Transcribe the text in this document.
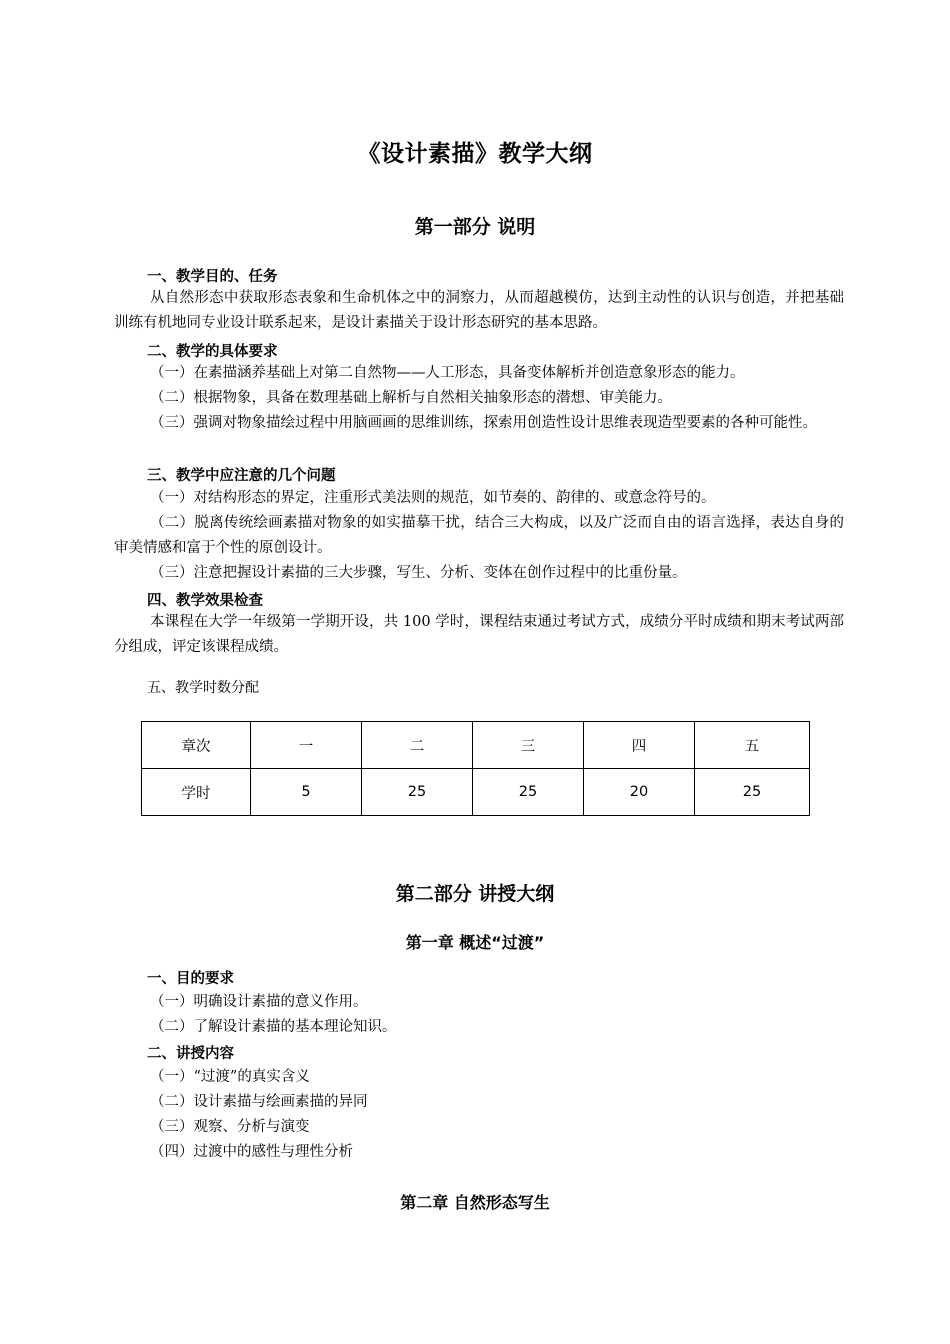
《设计素描》教学大纲
第一部分 说明
一、教学目的、任务
从自然形态中获取形态表象和生命机体之中的洞察力，从而超越模仿，达到主动性的认识与创造，并把基础训练有机地同专业设计联系起来，是设计素描关于设计形态研究的基本思路。
二、教学的具体要求
（一）在素描涵养基础上对第二自然物——人工形态，具备变体解析并创造意象形态的能力。
（二）根据物象，具备在数理基础上解析与自然相关抽象形态的潜想、审美能力。
（三）强调对物象描绘过程中用脑画画的思维训练，探索用创造性设计思维表现造型要素的各种可能性。
三、教学中应注意的几个问题
（一）对结构形态的界定，注重形式美法则的规范，如节奏的、韵律的、或意念符号的。
（二）脱离传统绘画素描对物象的如实描摹干扰，结合三大构成，以及广泛而自由的语言选择，表达自身的审美情感和富于个性的原创设计。
（三）注意把握设计素描的三大步骤，写生、分析、变体在创作过程中的比重份量。
四、教学效果检查
本课程在大学一年级第一学期开设，共 100 学时，课程结束通过考试方式，成绩分平时成绩和期末考试两部分组成，评定该课程成绩。
五、教学时数分配
章次	一	二	三	四	五
学时	5	25	25	20	25
第二部分 讲授大纲
第一章 概述“过渡”
一、目的要求
（一）明确设计素描的意义作用。
（二）了解设计素描的基本理论知识。
二、讲授内容
（一）“过渡”的真实含义
（二）设计素描与绘画素描的异同
（三）观察、分析与演变
（四）过渡中的感性与理性分析
第二章 自然形态写生
